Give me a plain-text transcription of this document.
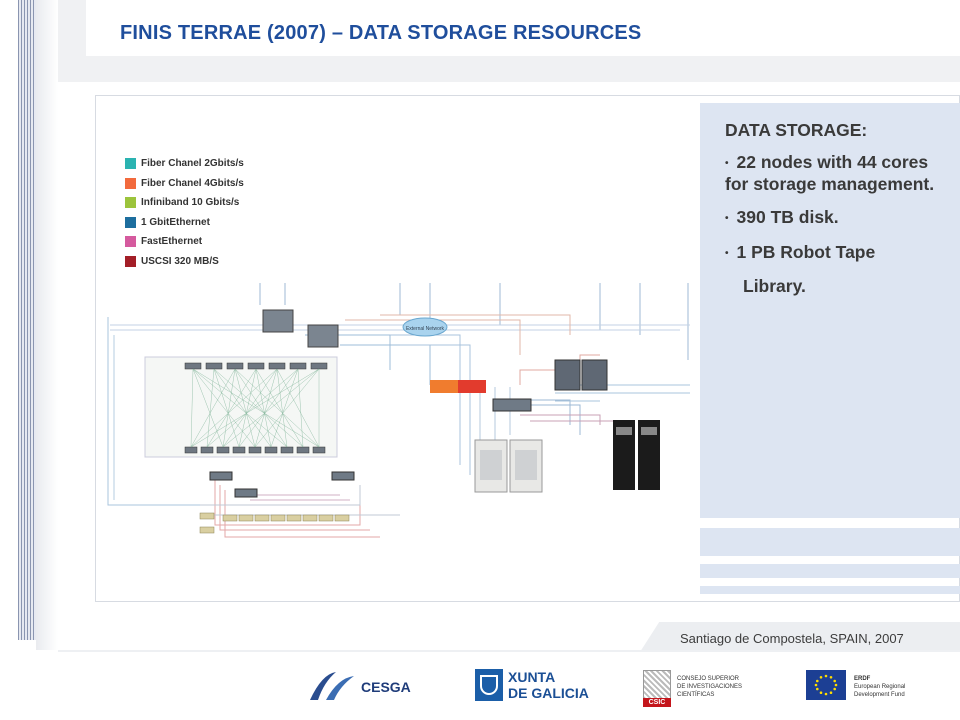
FINIS TERRAE (2007) – DATA STORAGE RESOURCES
External Network
Fiber Chanel 2Gbits/s
Fiber Chanel 4Gbits/s
Infiniband 10 Gbits/s
1 GbitEthernet
FastEthernet
USCSI 320 MB/S
DATA STORAGE:
• 22 nodes with 44 cores for storage management.
• 390 TB disk.
• 1 PB Robot Tape
Library.
Santiago de Compostela, SPAIN, 2007
CESGA
XUNTA
DE GALICIA
CSIC
CONSEJO SUPERIOR
DE INVESTIGACIONES
CIENTÍFICAS
ERDF
European Regional
Development Fund
